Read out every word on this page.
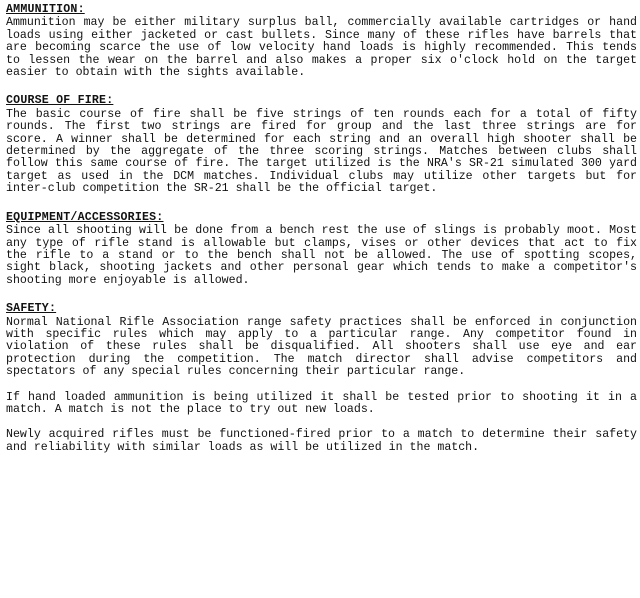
AMMUNITION:

Ammunition may be either military surplus ball, commercially available cartridges or hand loads using either jacketed or cast bullets. Since many of these rifles have barrels that are becoming scarce the use of low velocity hand loads is highly recommended. This tends to lessen the wear on the barrel and also makes a proper six o'clock hold on the target easier to obtain with the sights available.

COURSE OF FIRE:

The basic course of fire shall be five strings of ten rounds each for a total of fifty rounds. The first two strings are fired for group and the last three strings are for score. A winner shall be determined for each string and an overall high shooter shall be determined by the aggregate of the three scoring strings. Matches between clubs shall follow this same course of fire. The target utilized is the NRA's SR-21 simulated 300 yard target as used in the DCM matches. Individual clubs may utilize other targets but for inter-club competition the SR-21 shall be the official target.

EQUIPMENT/ACCESSORIES:

Since all shooting will be done from a bench rest the use of slings is probably moot. Most any type of rifle stand is allowable but clamps, vises or other devices that act to fix the rifle to a stand or to the bench shall not be allowed. The use of spotting scopes, sight black, shooting jackets and other personal gear which tends to make a competitor's shooting more enjoyable is allowed.

SAFETY:

Normal National Rifle Association range safety practices shall be enforced in conjunction with specific rules which may apply to a particular range. Any competitor found in violation of these rules shall be disqualified. All shooters shall use eye and ear protection during the competition. The match director shall advise competitors and spectators of any special rules concerning their particular range.

If hand loaded ammunition is being utilized it shall be tested prior to shooting it in a match. A match is not the place to try out new loads.

Newly acquired rifles must be functioned-fired prior to a match to determine their safety and reliability with similar loads as will be utilized in the match.
